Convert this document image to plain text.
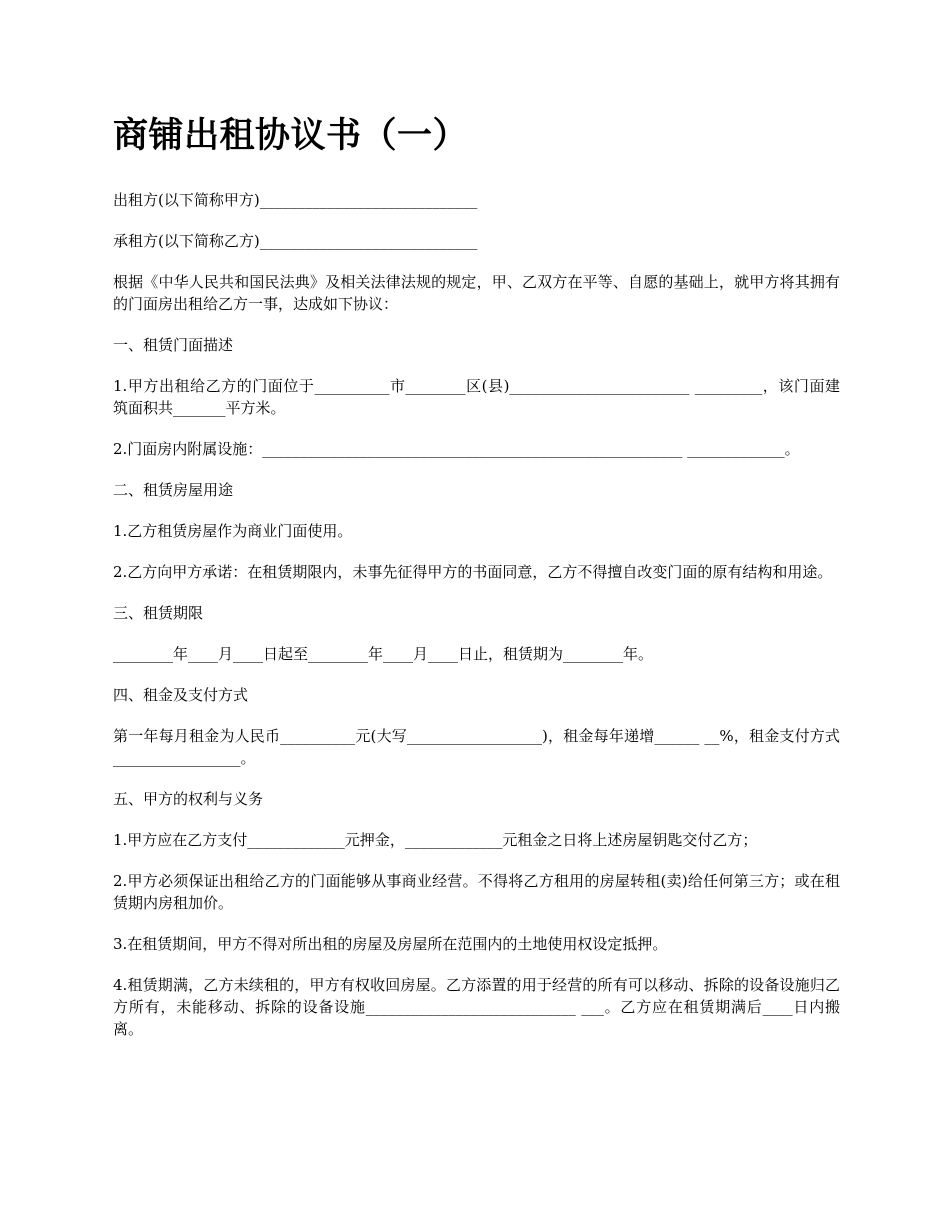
商铺出租协议书（一）

出租方(以下简称甲方)_____________________________

承租方(以下简称乙方)_____________________________

根据《中华人民共和国民法典》及相关法律法规的规定，甲、乙双方在平等、自愿的基础上，就甲方将其拥有的门面房出租给乙方一事，达成如下协议：

一、租赁门面描述

1.甲方出租给乙方的门面位于__________市________区(县)________________________ _________，该门面建筑面积共_______平方米。

2.门面房内附属设施：________________________________________________________ _____________。

二、租赁房屋用途

1.乙方租赁房屋作为商业门面使用。

2.乙方向甲方承诺：在租赁期限内，未事先征得甲方的书面同意，乙方不得擅自改变门面的原有结构和用途。

三、租赁期限

________年____月____日起至________年____月____日止，租赁期为________年。

四、租金及支付方式

第一年每月租金为人民币__________元(大写__________________)，租金每年递增______ __%，租金支付方式_________________。

五、甲方的权利与义务

1.甲方应在乙方支付_____________元押金，_____________元租金之日将上述房屋钥匙交付乙方；

2.甲方必须保证出租给乙方的门面能够从事商业经营。不得将乙方租用的房屋转租(卖)给任何第三方；或在租赁期内房租加价。

3.在租赁期间，甲方不得对所出租的房屋及房屋所在范围内的土地使用权设定抵押。

4.租赁期满，乙方未续租的，甲方有权收回房屋。乙方添置的用于经营的所有可以移动、拆除的设备设施归乙方所有，未能移动、拆除的设备设施____________________________ ___。乙方应在租赁期满后____日内搬离。
